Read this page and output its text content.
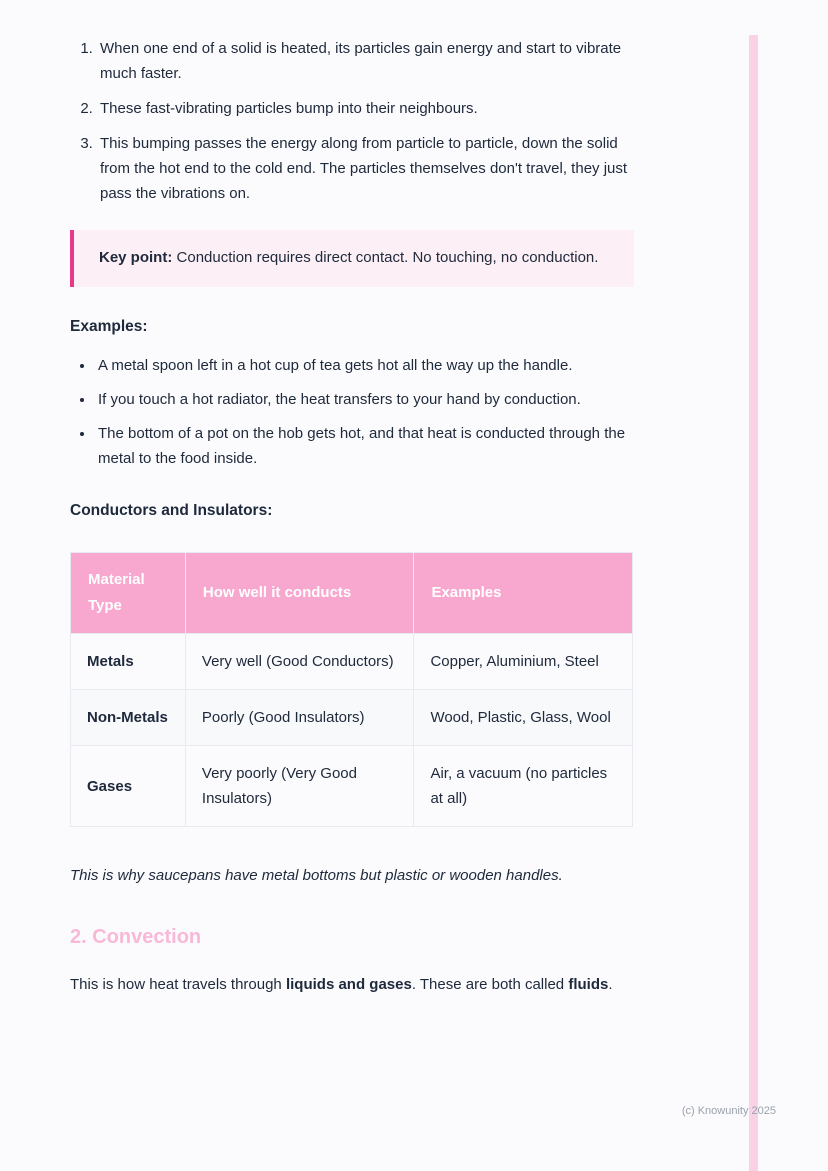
1. When one end of a solid is heated, its particles gain energy and start to vibrate much faster.
2. These fast-vibrating particles bump into their neighbours.
3. This bumping passes the energy along from particle to particle, down the solid from the hot end to the cold end. The particles themselves don't travel, they just pass the vibrations on.

Key point: Conduction requires direct contact. No touching, no conduction.

Examples:
• A metal spoon left in a hot cup of tea gets hot all the way up the handle.
• If you touch a hot radiator, the heat transfers to your hand by conduction.
• The bottom of a pot on the hob gets hot, and that heat is conducted through the metal to the food inside.
Conductors and Insulators:
Material Type	How well it conducts	Examples
Metals	Very well (Good Conductors)	Copper, Aluminium, Steel
Non-Metals	Poorly (Good Insulators)	Wood, Plastic, Glass, Wool
Gases	Very poorly (Very Good Insulators)	Air, a vacuum (no particles at all)

This is why saucepans have metal bottoms but plastic or wooden handles.

2. Convection

This is how heat travels through liquids and gases. These are both called fluids.

(c) Knowunity 2025
